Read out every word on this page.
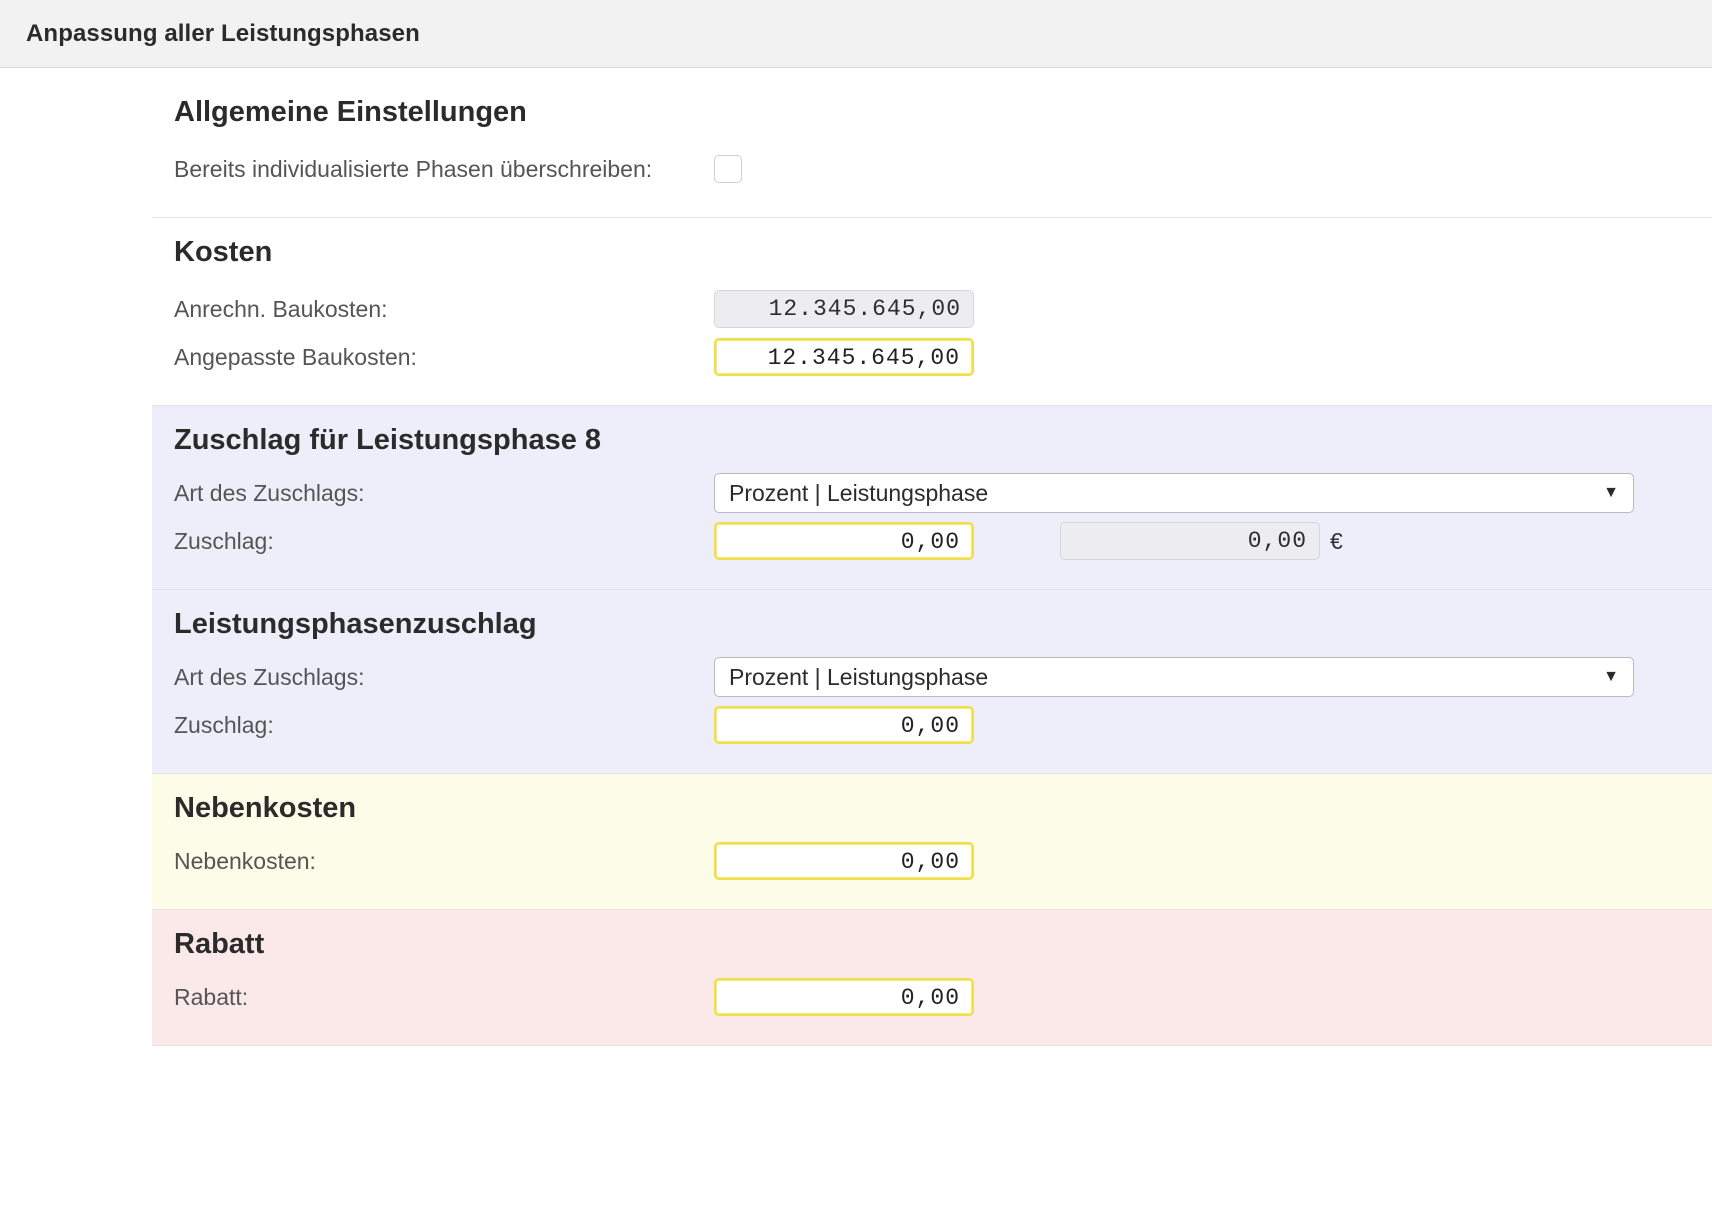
Anpassung aller Leistungsphasen
Allgemeine Einstellungen
Bereits individualisierte Phasen überschreiben:
Kosten
Anrechn. Baukosten:	12.345.645,00
Angepasste Baukosten:	12.345.645,00
Zuschlag für Leistungsphase 8
Art des Zuschlags:	Prozent | Leistungsphase	▼
Zuschlag:	0,00	0,00	€
Leistungsphasenzuschlag
Art des Zuschlags:	Prozent | Leistungsphase	▼
Zuschlag:	0,00
Nebenkosten
Nebenkosten:	0,00
Rabatt
Rabatt:	0,00
